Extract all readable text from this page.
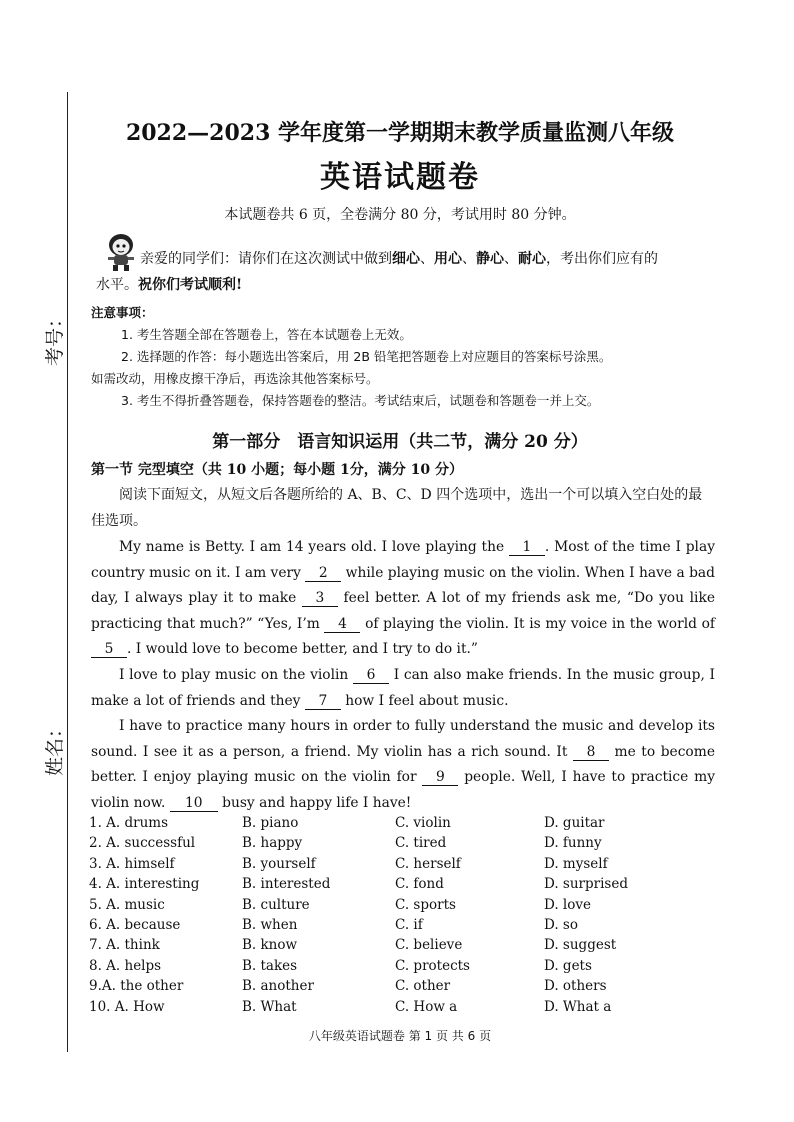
考号：
姓名：
2022—2023 学年度第一学期期末教学质量监测八年级
英语试题卷
本试题卷共 6 页，全卷满分 80 分，考试用时 80 分钟。
亲爱的同学们：请你们在这次测试中做到细心、用心、静心、耐心，考出你们应有的
水平。祝你们考试顺利!
注意事项：
1. 考生答题全部在答题卷上，答在本试题卷上无效。
2. 选择题的作答：每小题选出答案后，用 2B 铅笔把答题卷上对应题目的答案标号涂黑。
如需改动，用橡皮擦干净后，再选涂其他答案标号。
3. 考生不得折叠答题卷，保持答题卷的整洁。考试结束后，试题卷和答题卷一并上交。
第一部分　语言知识运用（共二节，满分 20 分）
第一节 完型填空（共 10 小题；每小题 1分，满分 10 分）
阅读下面短文，从短文后各题所给的 A、B、C、D 四个选项中，选出一个可以填入空白处的最佳选项。

My name is Betty. I am 14 years old. I love playing the 1 . Most of the time I play country music on it. I am very 2 while playing music on the violin. When I have a bad day, I always play it to make 3 feel better. A lot of my friends ask me, “Do you like practicing that much?” “Yes, I’m 4 of playing the violin. It is my voice in the world of 5 . I would love to become better, and I try to do it.”

I love to play music on the violin 6 I can also make friends. In the music group, I make a lot of friends and they 7 how I feel about music.

I have to practice many hours in order to fully understand the music and develop its sound. I see it as a person, a friend. My violin has a rich sound. It 8 me to become better. I enjoy playing music on the violin for 9 people. Well, I have to practice my violin now. 10 busy and happy life I have!

1. A. drums	B. piano	C. violin	D. guitar
2. A. successful	B. happy	C. tired	D. funny
3. A. himself	B. yourself	C. herself	D. myself
4. A. interesting	B. interested	C. fond	D. surprised
5. A. music	B. culture	C. sports	D. love
6. A. because	B. when	C. if	D. so
7. A. think	B. know	C. believe	D. suggest
8. A. helps	B. takes	C. protects	D. gets
9.A. the other	B. another	C. other	D. others
10. A. How	B. What	C. How a	D. What a
八年级英语试题卷 第 1 页 共 6 页
